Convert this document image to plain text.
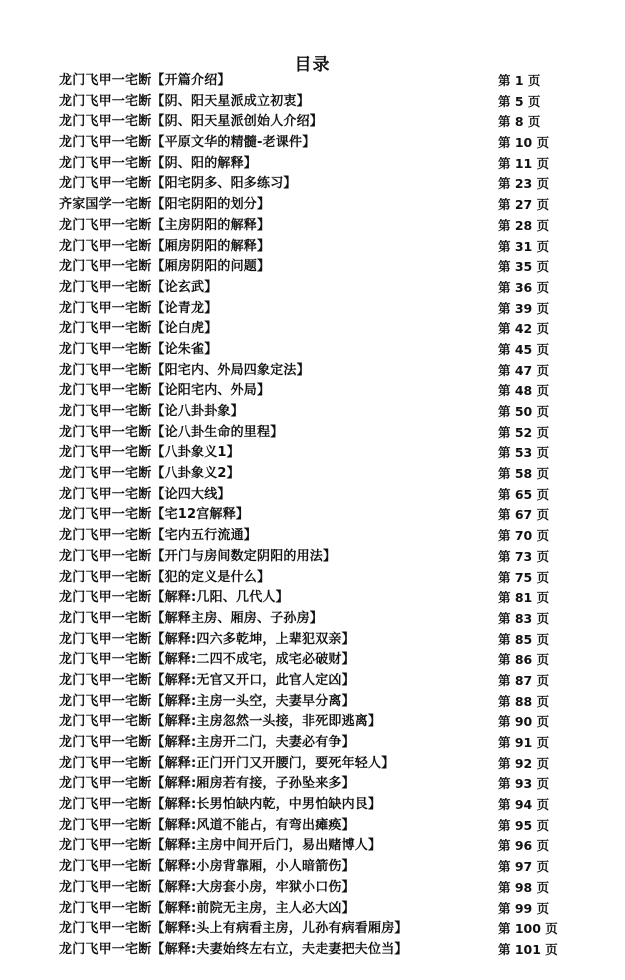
目录
龙门飞甲一宅断【开篇介绍】	第 1 页
龙门飞甲一宅断【阴、阳天星派成立初衷】	第 5 页
龙门飞甲一宅断【阴、阳天星派创始人介绍】	第 8 页
龙门飞甲一宅断【平原文华的精髓-老课件】	第 10 页
龙门飞甲一宅断【阴、阳的解释】	第 11 页
龙门飞甲一宅断【阳宅阴多、阳多练习】	第 23 页
齐家国学一宅断【阳宅阴阳的划分】	第 27 页
龙门飞甲一宅断【主房阴阳的解释】	第 28 页
龙门飞甲一宅断【厢房阴阳的解释】	第 31 页
龙门飞甲一宅断【厢房阴阳的问题】	第 35 页
龙门飞甲一宅断【论玄武】	第 36 页
龙门飞甲一宅断【论青龙】	第 39 页
龙门飞甲一宅断【论白虎】	第 42 页
龙门飞甲一宅断【论朱雀】	第 45 页
龙门飞甲一宅断【阳宅内、外局四象定法】	第 47 页
龙门飞甲一宅断【论阳宅内、外局】	第 48 页
龙门飞甲一宅断【论八卦卦象】	第 50 页
龙门飞甲一宅断【论八卦生命的里程】	第 52 页
龙门飞甲一宅断【八卦象义1】	第 53 页
龙门飞甲一宅断【八卦象义2】	第 58 页
龙门飞甲一宅断【论四大线】	第 65 页
龙门飞甲一宅断【宅12宫解释】	第 67 页
龙门飞甲一宅断【宅内五行流通】	第 70 页
龙门飞甲一宅断【开门与房间数定阴阳的用法】	第 73 页
龙门飞甲一宅断【犯的定义是什么】	第 75 页
龙门飞甲一宅断【解释:几阳、几代人】	第 81 页
龙门飞甲一宅断【解释主房、厢房、子孙房】	第 83 页
龙门飞甲一宅断【解释:四六多乾坤，上辈犯双亲】	第 85 页
龙门飞甲一宅断【解释:二四不成宅，成宅必破财】	第 86 页
龙门飞甲一宅断【解释:无官又开口，此官人定凶】	第 87 页
龙门飞甲一宅断【解释:主房一头空，夫妻早分离】	第 88 页
龙门飞甲一宅断【解释:主房忽然一头接，非死即逃离】	第 90 页
龙门飞甲一宅断【解释:主房开二门，夫妻必有争】	第 91 页
龙门飞甲一宅断【解释:正门开门又开腰门，要死年轻人】	第 92 页
龙门飞甲一宅断【解释:厢房若有接，子孙坠来多】	第 93 页
龙门飞甲一宅断【解释:长男怕缺内乾，中男怕缺内艮】	第 94 页
龙门飞甲一宅断【解释:风道不能占，有弯出瘫痪】	第 95 页
龙门飞甲一宅断【解释:主房中间开后门，易出赌博人】	第 96 页
龙门飞甲一宅断【解释:小房背靠厢，小人暗箭伤】	第 97 页
龙门飞甲一宅断【解释:大房套小房，牢狱小口伤】	第 98 页
龙门飞甲一宅断【解释:前院无主房，主人必大凶】	第 99 页
龙门飞甲一宅断【解释:头上有病看主房，儿孙有病看厢房】	第 100 页
龙门飞甲一宅断【解释:夫妻始终左右立，夫走妻把夫位当】	第 101 页
